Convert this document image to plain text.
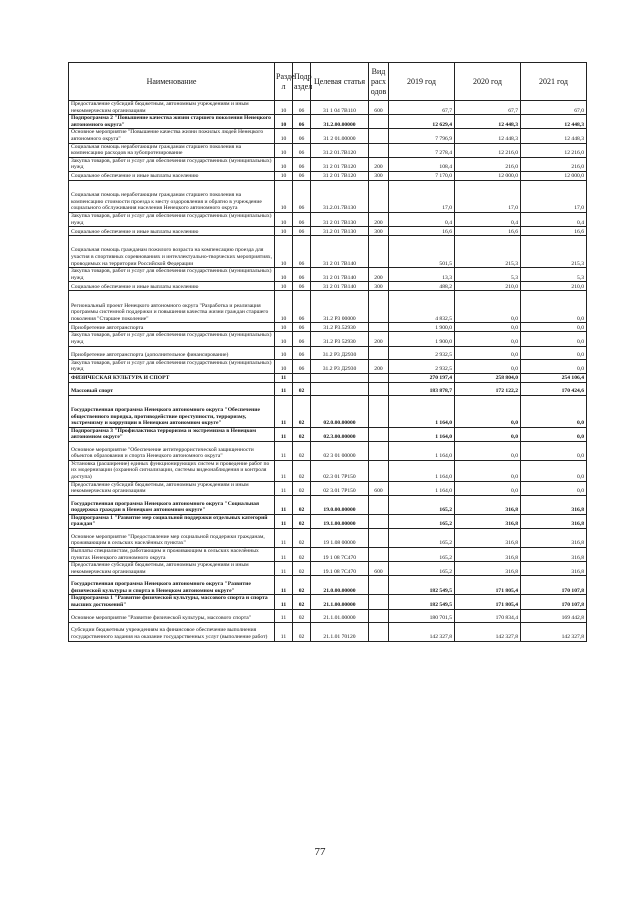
Наименование	Разде л	Подр аздел	Целевая статья	Вид расх одов	2019 год	2020 год	2021 год
Предоставление субсидий бюджетным, автономным учреждениям и иным некоммерческим организациям	10	06	31 1 04 7В110	600	67,7	67,7	67,0
Подпрограмма 2 "Повышение качества жизни старшего поколения Ненецкого автономного округа"	10	06	31.2.00.00000		12 629,4	12 448,3	12 448,3
Основное мероприятие "Повышение качества жизни пожилых людей Ненецкого автономного округа"	10	06	31 2 01.00000		7 796,9	12 448,3	12 448,3
Социальная помощь неработающим гражданам старшего поколения на компенсацию расходов на зубопротезирование	10	06	31.2 01.7В120		7 278,4	12 216,0	12 216,0
Закупка товаров, работ и услуг для обеспечения государственных (муниципальных) нужд	10	06	31 2 01 7В120	200	108,4	216,0	216,0
Социальное обеспечение и иные выплаты населению	10	06	31 2 01 7В120	300	7 170,0	12 000,0	12 000,0
Социальная помощь неработающим гражданам старшего поколения на компенсацию стоимости проезда к месту оздоровления и обратно в учреждение социального обслуживания населения Ненецкого автономного округа	10	06	31.2.01.7В130		17,0	17,0	17,0
Закупка товаров, работ и услуг для обеспечения государственных (муниципальных) нужд	10	06	31 2 01 7В130	200	0,4	0,4	0,4
Социальное обеспечение и иные выплаты населению	10	06	31.2 01 7В130	300	16,6	16,6	16,6
Социальная помощь гражданам пожилого возраста на компенсацию проезда для участия в спортивных соревнованиях и интеллектуально-творческих мероприятиях, проводимых на территории Российской Федерации	10	06	31 2 01 7В140		501,5	215,3	215,3
Закупка товаров, работ и услуг для обеспечения государственных (муниципальных) нужд	10	06	31 2 01 7В140	200	13,3	5,3	5,3
Социальное обеспечение и иные выплаты населению	10	06	31 2 01 7В140	300	488,2	210,0	210,0
Региональный проект Ненецкого автономного округа "Разработка и реализация программы системной поддержки и повышения качества жизни граждан старшего поколения "Старшее поколение"	10	06	31.2 Р3 00000		4 832,5	0,0	0,0
Приобретение автотранспорта	10	06	31.2 Р3.52930		1 900,0	0,0	0,0
Закупка товаров, работ и услуг для обеспечения государственных (муниципальных) нужд	10	06	31.2 Р3 52930	200	1 900,0	0,0	0,0
Приобретение автотранспорта (дополнительное финансирование)	10	06	31.2 Р3 Д2930		2 932,5	0,0	0,0
Закупка товаров, работ и услуг для обеспечения государственных (муниципальных) нужд	10	06	31.2 Р3 Д2930	200	2 932,5	0,0	0,0
ФИЗИЧЕСКАЯ КУЛЬТУРА И СПОРТ	11				270 197,4	258 804,0	254 106,4
Массовый спорт	11	02			183 878,7	172 122,2	170 424,6
Государственная программа Ненецкого автономного округа "Обеспечение общественного порядка, противодействие преступности, терроризму, экстремизму и коррупции в Ненецком автономном округе"	11	02	02.0.00.00000		1 164,0	0,0	0,0
Подпрограмма 3 "Профилактика терроризма и экстремизма в Ненецком автономном округе"	11	02	02.3.00.00000		1 164,0	0,0	0,0
Основное мероприятие "Обеспечение антитеррористической защищенности объектов образования и спорта Ненецкого автономного округа"	11	02	02 3 01 00000		1 164,0	0,0	0,0
Установка (расширение) единых функционирующих систем и проведение работ по их модернизации (охранной сигнализации, системы видеонаблюдения и контроля доступа)	11	02	02.3 01 7Р150		1 164,0	0,0	0,0
Предоставление субсидий бюджетным, автономным учреждениям и иным некоммерческим организациям	11	02	02 3.01 7Р150	600	1 164,0	0,0	0,0
Государственная программа Ненецкого автономного округа "Социальная поддержка граждан в Ненецком автономном округе"	11	02	19.0.00.00000		165,2	316,8	316,8
Подпрограмма 1 "Развитие мер социальной поддержки отдельных категорий граждан"	11	02	19.1.00.00000		165,2	316,8	316,8
Основное мероприятие "Предоставление мер социальной поддержки гражданам, проживающим в сельских населённых пунктах"	11	02	19 1.08 00000		165,2	316,8	316,8
Выплаты специалистам, работающим и проживающим в сельских населённых пунктах Ненецкого автономного округа	11	02	19 1 08 7С470		165,2	316,8	316,8
Предоставление субсидий бюджетным, автономным учреждениям и иным некоммерческим организациям	11	02	19.1 08 7С470	600	165,2	316,8	316,8
Государственная программа Ненецкого автономного округа "Развитие физической культуры и спорта в Ненецком автономном округе"	11	02	21.0.00.00000		182 549,5	171 805,4	170 107,8
Подпрограмма 1 "Развитие физической культуры, массового спорта и спорта высших достижений"	11	02	21.1.00.00000		182 549,5	171 805,4	170 107,8
Основное мероприятие "Развитие физической культуры, массового спорта"	11	02	21.1.01.00000		180 701,5	170 834,4	169 442,8
Субсидии бюджетным учреждениям на финансовое обеспечение выполнения государственного задания на оказание государственных услуг (выполнение работ)	11	02	21.1.01 70120		142 327,8	142 327,8	142 327,8
77
